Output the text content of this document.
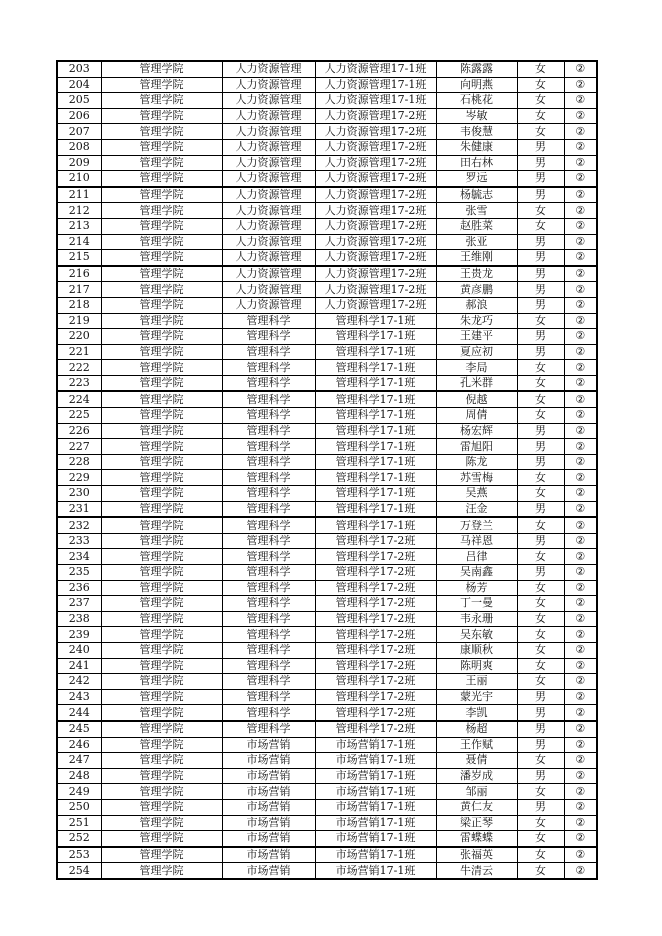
203	管理学院	人力资源管理	人力资源管理17-1班	陈露露	女	②
204	管理学院	人力资源管理	人力资源管理17-1班	向明燕	女	②
205	管理学院	人力资源管理	人力资源管理17-1班	石桃花	女	②
206	管理学院	人力资源管理	人力资源管理17-2班	岑敏	女	②
207	管理学院	人力资源管理	人力资源管理17-2班	韦俊慧	女	②
208	管理学院	人力资源管理	人力资源管理17-2班	朱健康	男	②
209	管理学院	人力资源管理	人力资源管理17-2班	田右林	男	②
210	管理学院	人力资源管理	人力资源管理17-2班	罗远	男	②
211	管理学院	人力资源管理	人力资源管理17-2班	杨毓志	男	②
212	管理学院	人力资源管理	人力资源管理17-2班	张雪	女	②
213	管理学院	人力资源管理	人力资源管理17-2班	赵胜菜	女	②
214	管理学院	人力资源管理	人力资源管理17-2班	张亚	男	②
215	管理学院	人力资源管理	人力资源管理17-2班	王维刚	男	②
216	管理学院	人力资源管理	人力资源管理17-2班	王贵龙	男	②
217	管理学院	人力资源管理	人力资源管理17-2班	黄彦鹏	男	②
218	管理学院	人力资源管理	人力资源管理17-2班	郝浪	男	②
219	管理学院	管理科学	管理科学17-1班	朱龙巧	女	②
220	管理学院	管理科学	管理科学17-1班	王建平	男	②
221	管理学院	管理科学	管理科学17-1班	夏应初	男	②
222	管理学院	管理科学	管理科学17-1班	李局	女	②
223	管理学院	管理科学	管理科学17-1班	孔米群	女	②
224	管理学院	管理科学	管理科学17-1班	倪越	女	②
225	管理学院	管理科学	管理科学17-1班	周倩	女	②
226	管理学院	管理科学	管理科学17-1班	杨宏辉	男	②
227	管理学院	管理科学	管理科学17-1班	雷旭阳	男	②
228	管理学院	管理科学	管理科学17-1班	陈龙	男	②
229	管理学院	管理科学	管理科学17-1班	苏雪梅	女	②
230	管理学院	管理科学	管理科学17-1班	吴燕	女	②
231	管理学院	管理科学	管理科学17-1班	汪金	男	②
232	管理学院	管理科学	管理科学17-1班	万登兰	女	②
233	管理学院	管理科学	管理科学17-2班	马祥恩	男	②
234	管理学院	管理科学	管理科学17-2班	吕律	女	②
235	管理学院	管理科学	管理科学17-2班	吴南鑫	男	②
236	管理学院	管理科学	管理科学17-2班	杨芳	女	②
237	管理学院	管理科学	管理科学17-2班	丁一曼	女	②
238	管理学院	管理科学	管理科学17-2班	韦永珊	女	②
239	管理学院	管理科学	管理科学17-2班	吴东敏	女	②
240	管理学院	管理科学	管理科学17-2班	康顺秋	女	②
241	管理学院	管理科学	管理科学17-2班	陈明爽	女	②
242	管理学院	管理科学	管理科学17-2班	王丽	女	②
243	管理学院	管理科学	管理科学17-2班	蒙光宇	男	②
244	管理学院	管理科学	管理科学17-2班	李凯	男	②
245	管理学院	管理科学	管理科学17-2班	杨超	男	②
246	管理学院	市场营销	市场营销17-1班	王作赋	男	②
247	管理学院	市场营销	市场营销17-1班	聂倩	女	②
248	管理学院	市场营销	市场营销17-1班	潘岁成	男	②
249	管理学院	市场营销	市场营销17-1班	邹丽	女	②
250	管理学院	市场营销	市场营销17-1班	黄仁友	男	②
251	管理学院	市场营销	市场营销17-1班	梁正琴	女	②
252	管理学院	市场营销	市场营销17-1班	雷蝶蝶	女	②
253	管理学院	市场营销	市场营销17-1班	张福英	女	②
254	管理学院	市场营销	市场营销17-1班	牛清云	女	②
